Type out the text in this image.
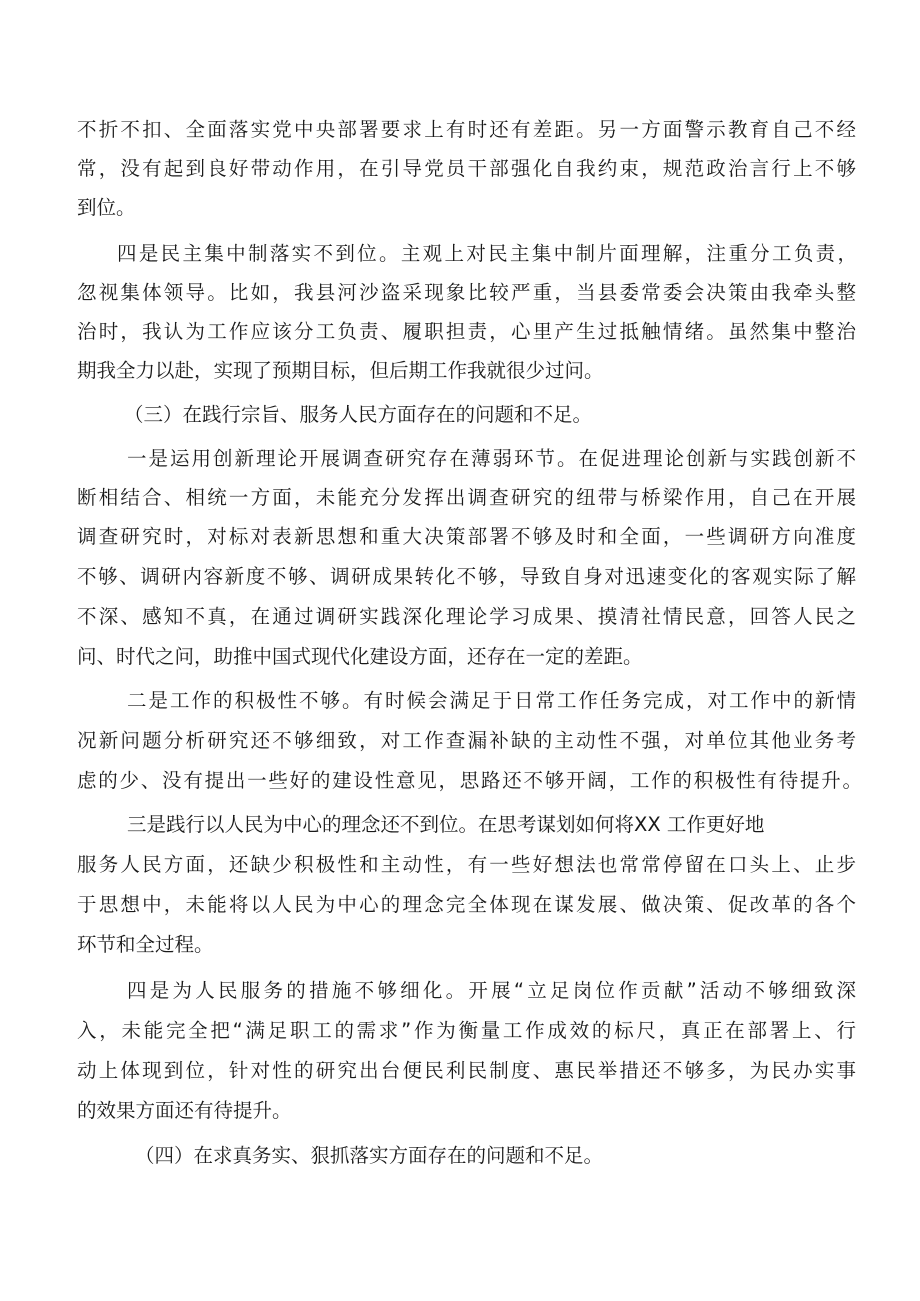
不折不扣、全面落实党中央部署要求上有时还有差距。另一方面警示教育自己不经
常，没有起到良好带动作用，在引导党员干部强化自我约束，规范政治言行上不够
到位。
四是民主集中制落实不到位。主观上对民主集中制片面理解，注重分工负责，
忽视集体领导。比如，我县河沙盗采现象比较严重，当县委常委会决策由我牵头整
治时，我认为工作应该分工负责、履职担责，心里产生过抵触情绪。虽然集中整治
期我全力以赴，实现了预期目标，但后期工作我就很少过问。
（三）在践行宗旨、服务人民方面存在的问题和不足。
一是运用创新理论开展调查研究存在薄弱环节。在促进理论创新与实践创新不
断相结合、相统一方面，未能充分发挥出调查研究的纽带与桥梁作用，自己在开展
调查研究时，对标对表新思想和重大决策部署不够及时和全面，一些调研方向准度
不够、调研内容新度不够、调研成果转化不够，导致自身对迅速变化的客观实际了解
不深、感知不真，在通过调研实践深化理论学习成果、摸清社情民意，回答人民之
问、时代之问，助推中国式现代化建设方面，还存在一定的差距。
二是工作的积极性不够。有时候会满足于日常工作任务完成，对工作中的新情
况新问题分析研究还不够细致，对工作查漏补缺的主动性不强，对单位其他业务考
虑的少、没有提出一些好的建设性意见，思路还不够开阔，工作的积极性有待提升。
三是践行以人民为中心的理念还不到位。在思考谋划如何将XX 工作更好地
服务人民方面，还缺少积极性和主动性，有一些好想法也常常停留在口头上、止步
于思想中，未能将以人民为中心的理念完全体现在谋发展、做决策、促改革的各个
环节和全过程。
四是为人民服务的措施不够细化。开展“立足岗位作贡献”活动不够细致深
入，未能完全把“满足职工的需求”作为衡量工作成效的标尺，真正在部署上、行
动上体现到位，针对性的研究出台便民利民制度、惠民举措还不够多，为民办实事
的效果方面还有待提升。
（四）在求真务实、狠抓落实方面存在的问题和不足。
